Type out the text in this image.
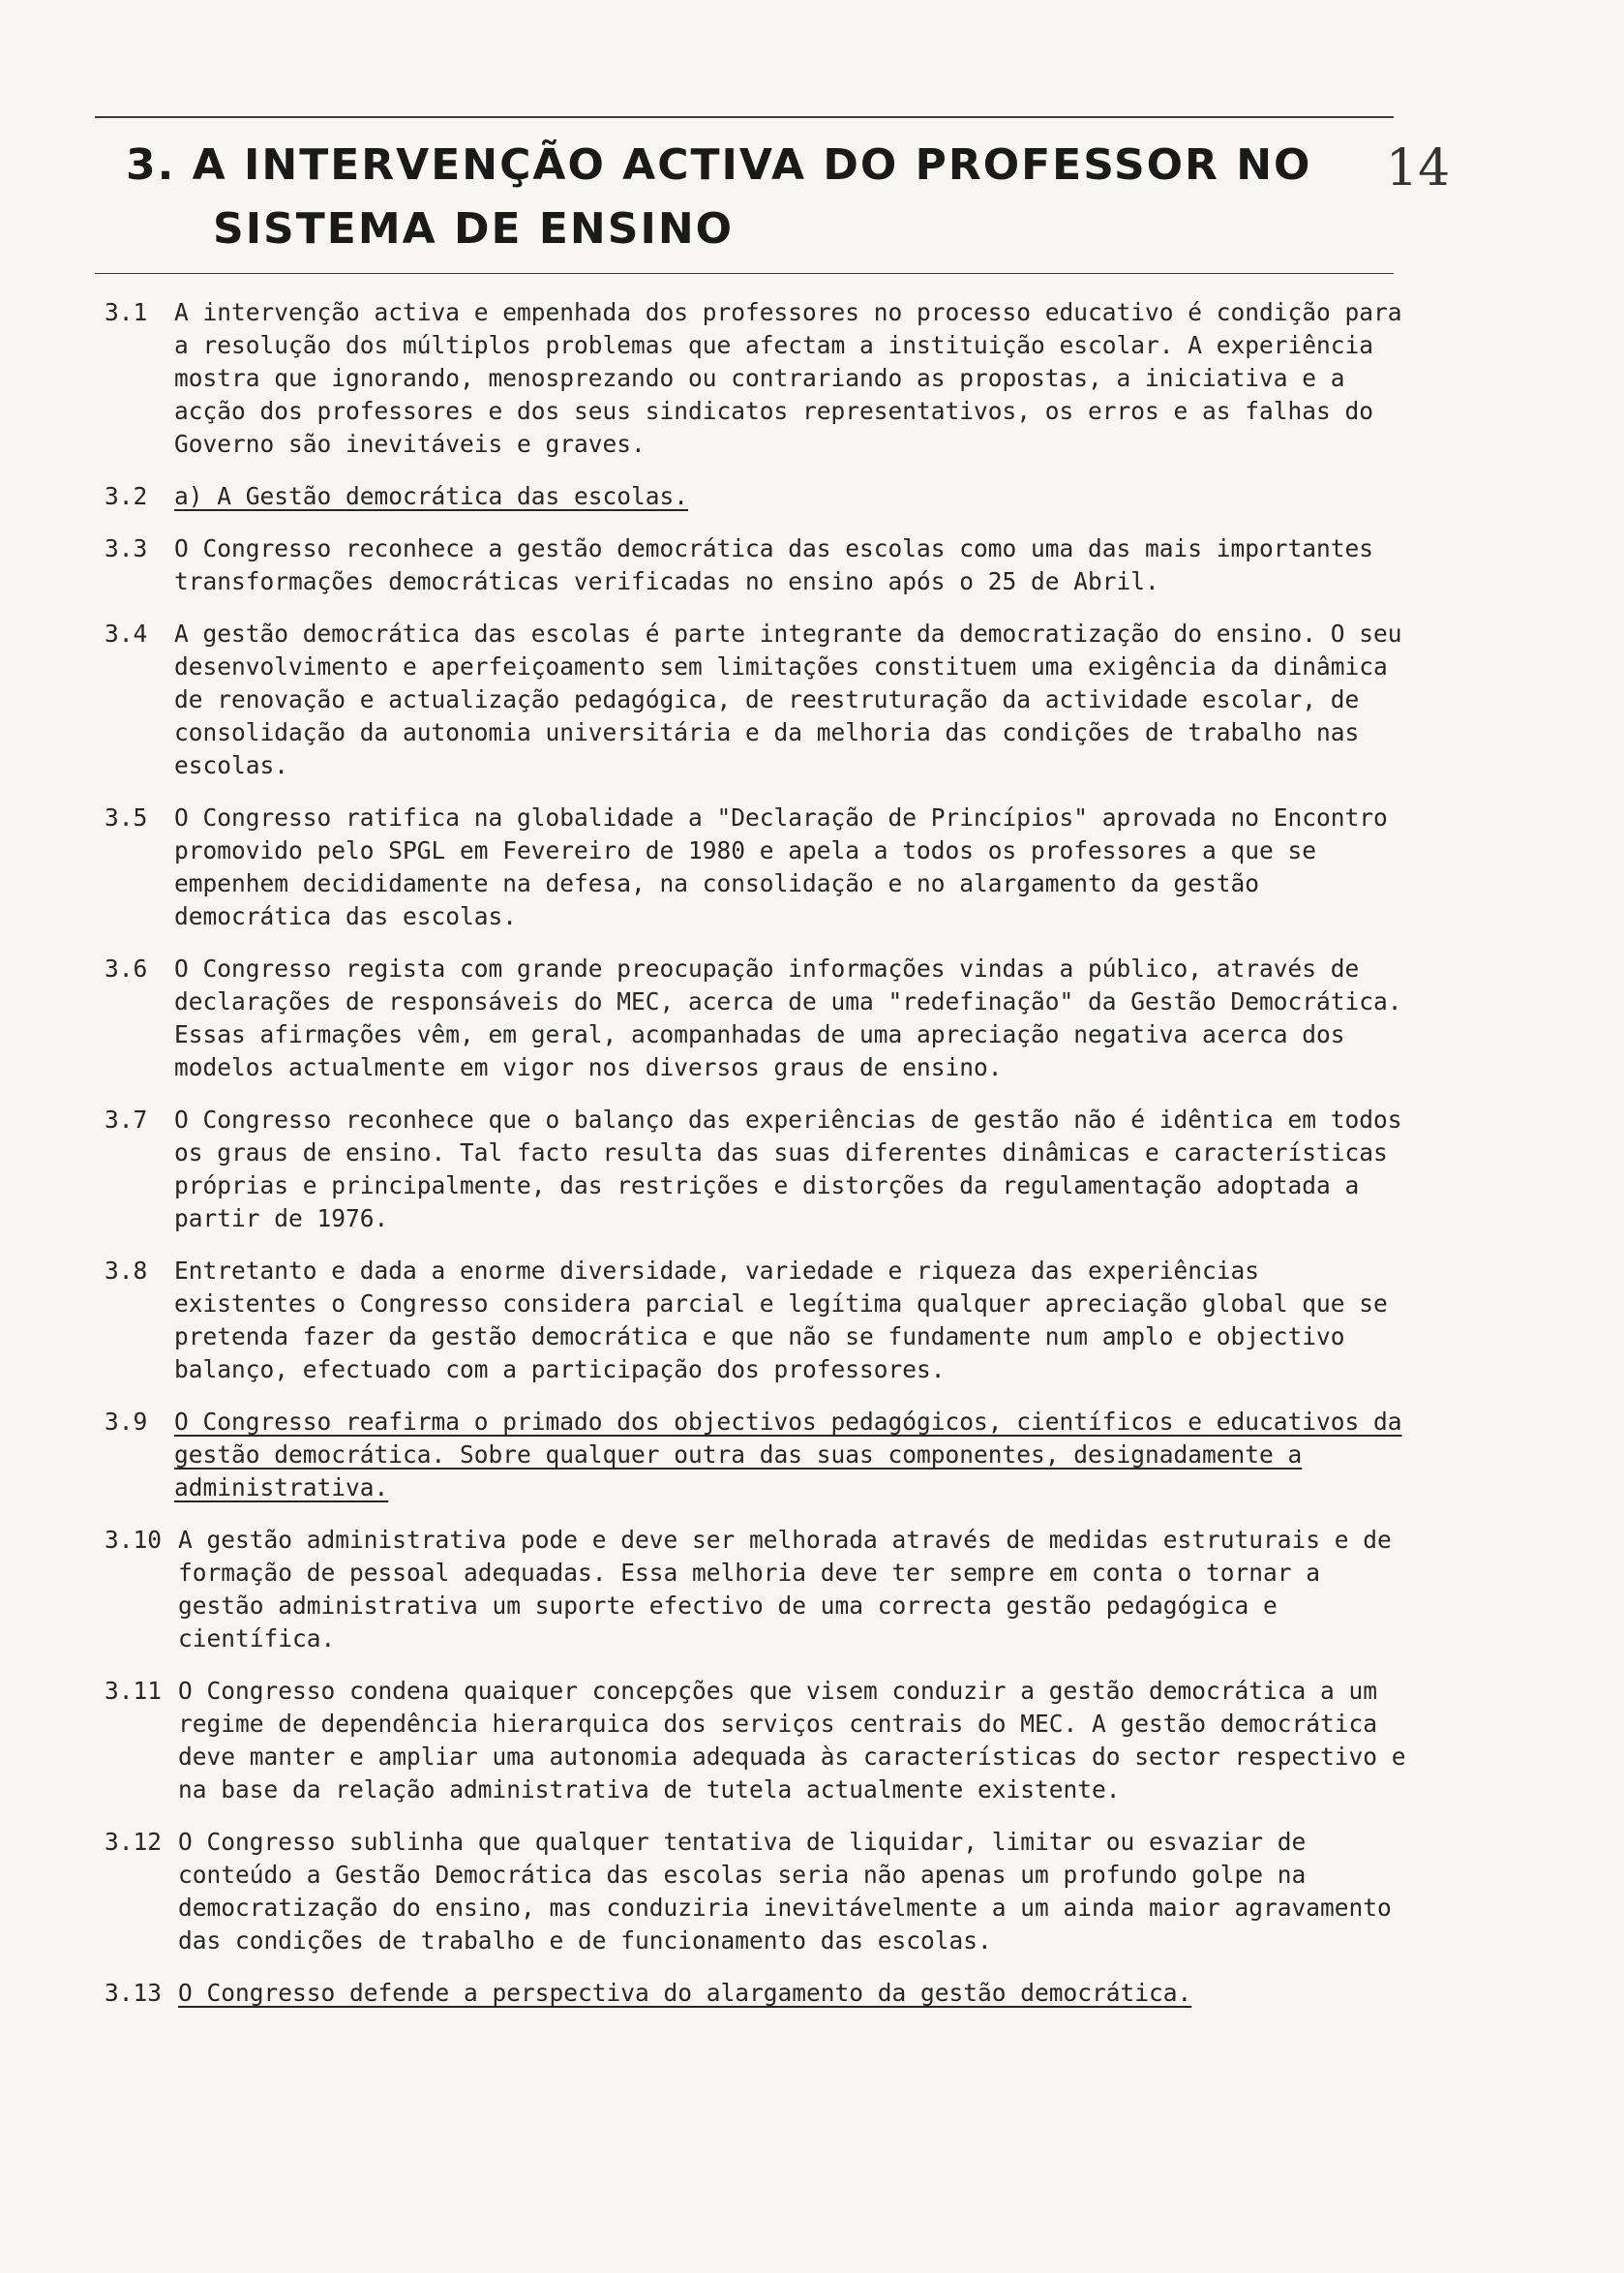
3. A INTERVENÇÃO ACTIVA DO PROFESSOR NO
SISTEMA DE ENSINO
14
3.1	A intervenção activa e empenhada dos professores no processo educativo é condição para a resolução dos múltiplos problemas que afectam a instituição escolar. A experiência mostra que ignorando, menosprezando ou contrariando as propostas, a iniciativa e a acção dos professores e dos seus sindicatos representativos, os erros e as falhas do Governo são inevitáveis e graves.
3.2	a) A Gestão democrática das escolas.
3.3	O Congresso reconhece a gestão democrática das escolas como uma das mais importantes transformações democráticas verificadas no ensino após o 25 de Abril.
3.4	A gestão democrática das escolas é parte integrante da democratização do ensino. O seu desenvolvimento e aperfeiçoamento sem limitações constituem uma exigência da dinâmica de renovação e actualização pedagógica, de reestruturação da actividade escolar, de consolidação da autonomia universitária e da melhoria das condições de trabalho nas escolas.
3.5	O Congresso ratifica na globalidade a "Declaração de Princípios" aprovada no Encontro promovido pelo SPGL em Fevereiro de 1980 e apela a todos os professores a que se empenhem decididamente na defesa, na consolidação e no alargamento da gestão democrática das escolas.
3.6	O Congresso regista com grande preocupação informações vindas a público, através de declarações de responsáveis do MEC, acerca de uma "redefinação" da Gestão Democrática. Essas afirmações vêm, em geral, acompanhadas de uma apreciação negativa acerca dos modelos actualmente em vigor nos diversos graus de ensino.
3.7	O Congresso reconhece que o balanço das experiências de gestão não é idêntica em todos os graus de ensino. Tal facto resulta das suas diferentes dinâmicas e características próprias e principalmente, das restrições e distorções da regulamentação adoptada a partir de 1976.
3.8	Entretanto e dada a enorme diversidade, variedade e riqueza das experiências existentes o Congresso considera parcial e legítima qualquer apreciação global que se pretenda fazer da gestão democrática e que não se fundamente num amplo e objectivo balanço, efectuado com a participação dos professores.
3.9	O Congresso reafirma o primado dos objectivos pedagógicos, científicos e educativos da gestão democrática. Sobre qualquer outra das suas componentes, designadamente a administrativa.
3.10 A gestão administrativa pode e deve ser melhorada através de medidas estruturais e de formação de pessoal adequadas. Essa melhoria deve ter sempre em conta o tornar a gestão administrativa um suporte efectivo de uma correcta gestão pedagógica e científica.
3.11 O Congresso condena quaiquer concepções que visem conduzir a gestão democrática a um regime de dependência hierarquica dos serviços centrais do MEC. A gestão democrática deve manter e ampliar uma autonomia adequada às características do sector respectivo e na base da relação administrativa de tutela actualmente existente.
3.12 O Congresso sublinha que qualquer tentativa de liquidar, limitar ou esvaziar de conteúdo a Gestão Democrática das escolas seria não apenas um profundo golpe na democratização do ensino, mas conduziria inevitávelmente a um ainda maior agravamento das condições de trabalho e de funcionamento das escolas.
3.13 O Congresso defende a perspectiva do alargamento da gestão democrática.
